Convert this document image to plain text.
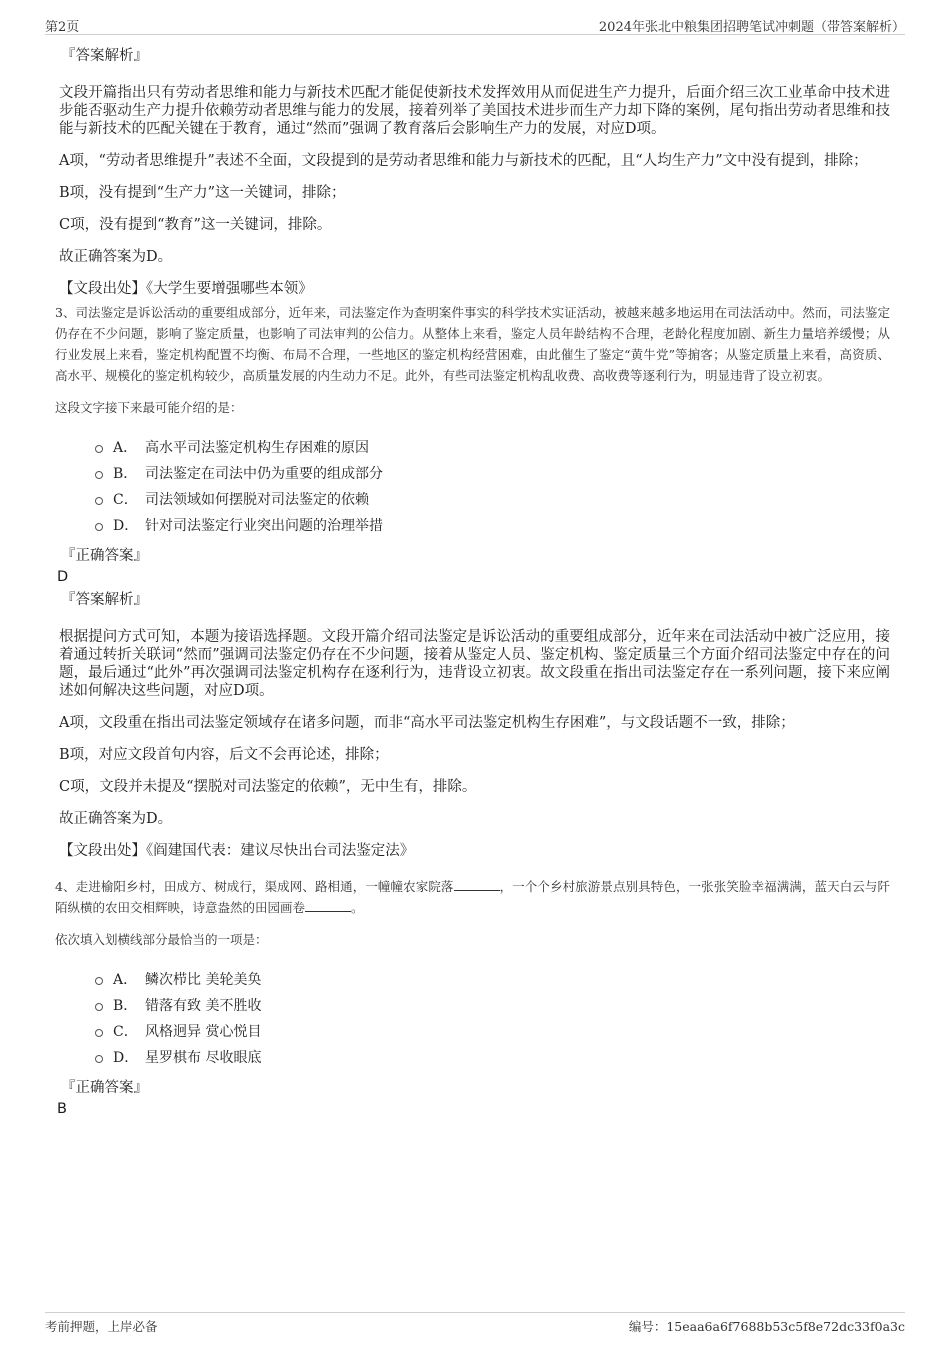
第2页	2024年张北中粮集团招聘笔试冲刺题（带答案解析）
『答案解析』
文段开篇指出只有劳动者思维和能力与新技术匹配才能促使新技术发挥效用从而促进生产力提升，后面介绍三次工业革命中技术进步能否驱动生产力提升依赖劳动者思维与能力的发展，接着列举了美国技术进步而生产力却下降的案例，尾句指出劳动者思维和技能与新技术的匹配关键在于教育，通过“然而”强调了教育落后会影响生产力的发展，对应D项。
A项，“劳动者思维提升”表述不全面，文段提到的是劳动者思维和能力与新技术的匹配，且“人均生产力”文中没有提到，排除；
B项，没有提到“生产力”这一关键词，排除；
C项，没有提到“教育”这一关键词，排除。
故正确答案为D。
【文段出处】《大学生要增强哪些本领》
3、司法鉴定是诉讼活动的重要组成部分，近年来，司法鉴定作为查明案件事实的科学技术实证活动，被越来越多地运用在司法活动中。然而，司法鉴定仍存在不少问题，影响了鉴定质量，也影响了司法审判的公信力。从整体上来看，鉴定人员年龄结构不合理，老龄化程度加剧、新生力量培养缓慢；从行业发展上来看，鉴定机构配置不均衡、布局不合理，一些地区的鉴定机构经营困难，由此催生了鉴定“黄牛党”等掮客；从鉴定质量上来看，高资质、高水平、规模化的鉴定机构较少，高质量发展的内生动力不足。此外，有些司法鉴定机构乱收费、高收费等逐利行为，明显违背了设立初衷。
这段文字接下来最可能介绍的是：
A． 高水平司法鉴定机构生存困难的原因
B． 司法鉴定在司法中仍为重要的组成部分
C． 司法领域如何摆脱对司法鉴定的依赖
D． 针对司法鉴定行业突出问题的治理举措
『正确答案』
D
『答案解析』
根据提问方式可知，本题为接语选择题。文段开篇介绍司法鉴定是诉讼活动的重要组成部分，近年来在司法活动中被广泛应用，接着通过转折关联词“然而”强调司法鉴定仍存在不少问题，接着从鉴定人员、鉴定机构、鉴定质量三个方面介绍司法鉴定中存在的问题，最后通过“此外”再次强调司法鉴定机构存在逐利行为，违背设立初衷。故文段重在指出司法鉴定存在一系列问题，接下来应阐述如何解决这些问题，对应D项。
A项，文段重在指出司法鉴定领域存在诸多问题，而非“高水平司法鉴定机构生存困难”，与文段话题不一致，排除；
B项，对应文段首句内容，后文不会再论述，排除；
C项，文段并未提及“摆脱对司法鉴定的依赖”，无中生有，排除。
故正确答案为D。
【文段出处】《阎建国代表：建议尽快出台司法鉴定法》
4、走进榆阳乡村，田成方、树成行，渠成网、路相通，一幢幢农家院落	，一个个乡村旅游景点别具特色，一张张笑脸幸福满满，蓝天白云与阡陌纵横的农田交相辉映，诗意盎然的田园画卷	。
依次填入划横线部分最恰当的一项是：
A． 鳞次栉比 美轮美奂
B． 错落有致 美不胜收
C． 风格迥异 赏心悦目
D． 星罗棋布 尽收眼底
『正确答案』
B
考前押题，上岸必备	编号：15eaa6a6f7688b53c5f8e72dc33f0a3c
